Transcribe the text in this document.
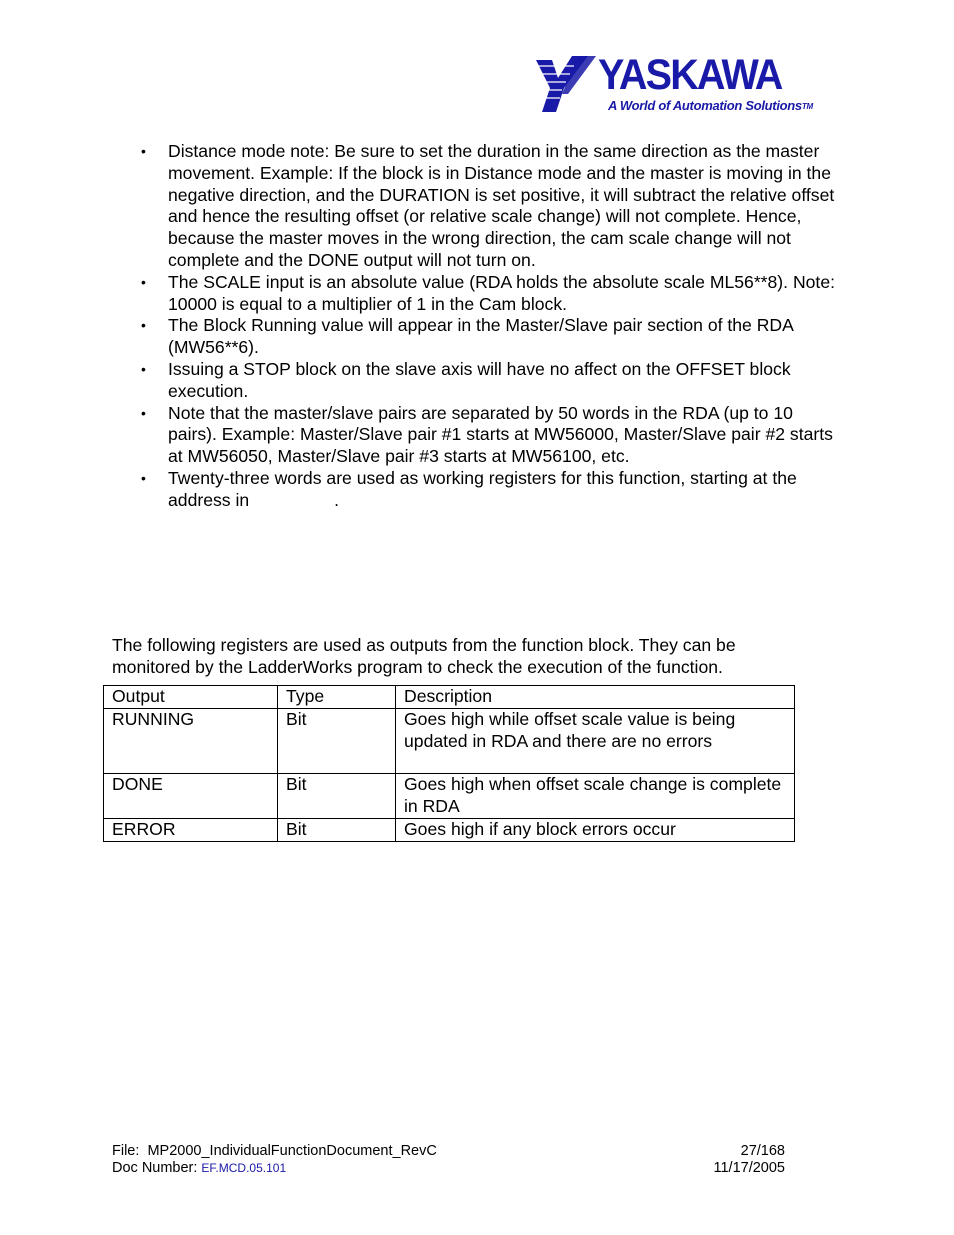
YASKAWA
A World of Automation Solutions™
• Distance mode note: Be sure to set the duration in the same direction as the master movement. Example: If the block is in Distance mode and the master is moving in the negative direction, and the DURATION is set positive, it will subtract the relative offset and hence the resulting offset (or relative scale change) will not complete. Hence, because the master moves in the wrong direction, the cam scale change will not complete and the DONE output will not turn on.
• The SCALE input is an absolute value (RDA holds the absolute scale ML56**8). Note: 10000 is equal to a multiplier of 1 in the Cam block.
• The Block Running value will appear in the Master/Slave pair section of the RDA (MW56**6).
• Issuing a STOP block on the slave axis will have no affect on the OFFSET block execution.
• Note that the master/slave pairs are separated by 50 words in the RDA (up to 10 pairs). Example: Master/Slave pair #1 starts at MW56000, Master/Slave pair #2 starts at MW56050, Master/Slave pair #3 starts at MW56100, etc.
• Twenty-three words are used as working registers for this function, starting at the address in	.

The following registers are used as outputs from the function block. They can be monitored by the LadderWorks program to check the execution of the function.

Output	Type	Description
RUNNING	Bit	Goes high while offset scale value is being updated in RDA and there are no errors
DONE	Bit	Goes high when offset scale change is complete in RDA
ERROR	Bit	Goes high if any block errors occur
File: MP2000_IndividualFunctionDocument_RevC
Doc Number: EF.MCD.05.101
27/168
11/17/2005
